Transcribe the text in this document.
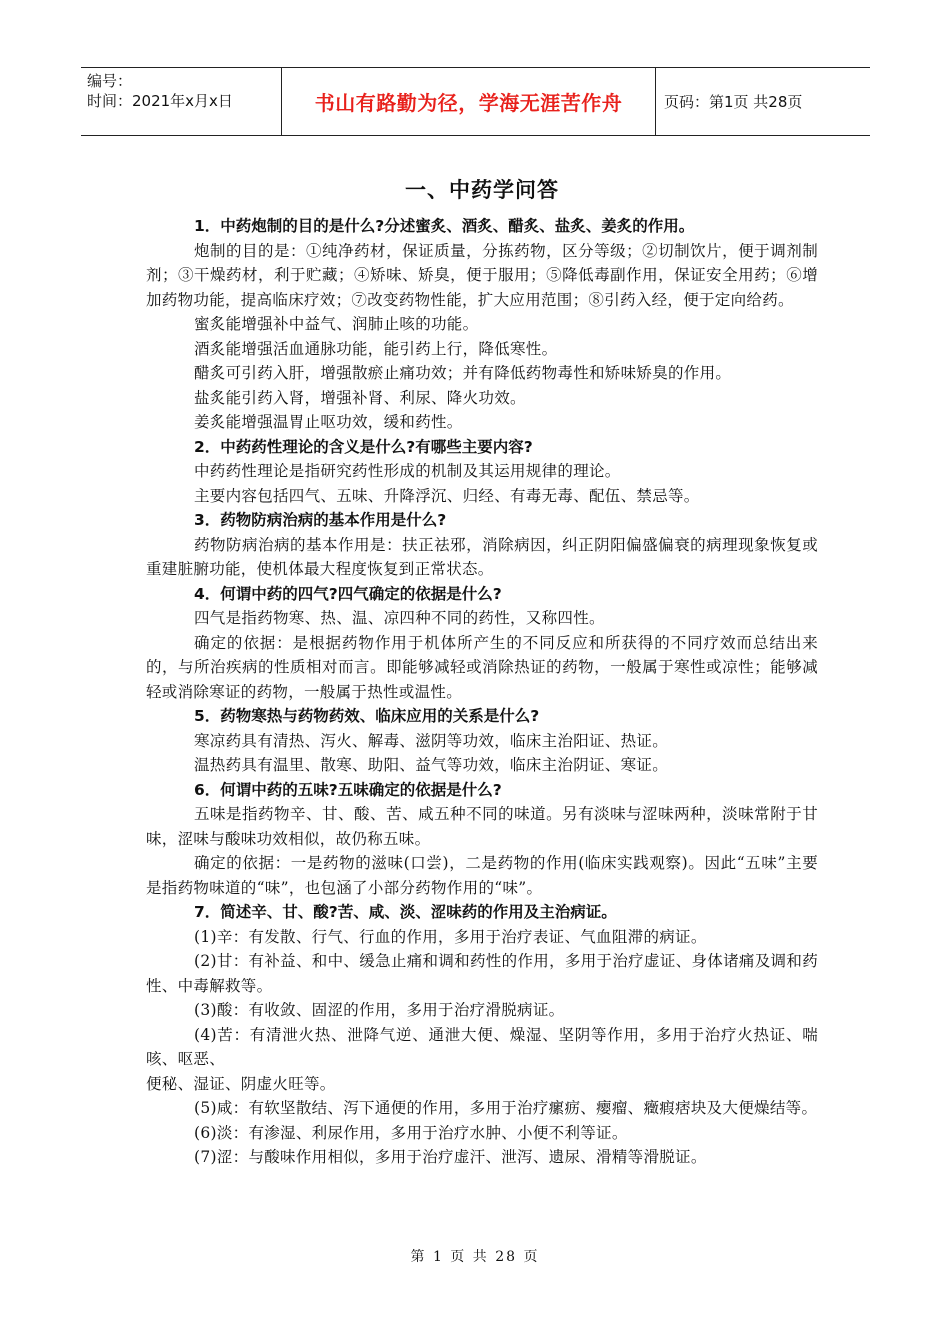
编号：
时间：2021年x月x日	书山有路勤为径，学海无涯苦作舟	页码：第1页 共28页
一、中药学问答

1．中药炮制的目的是什么?分述蜜炙、酒炙、醋炙、盐炙、姜炙的作用。

炮制的目的是：①纯净药材，保证质量，分拣药物，区分等级；②切制饮片，便于调剂制剂；③干燥药材，利于贮藏；④矫味、矫臭，便于服用；⑤降低毒副作用，保证安全用药；⑥增加药物功能，提高临床疗效；⑦改变药物性能，扩大应用范围；⑧引药入经，便于定向给药。

蜜炙能增强补中益气、润肺止咳的功能。

酒炙能增强活血通脉功能，能引药上行，降低寒性。

醋炙可引药入肝，增强散瘀止痛功效；并有降低药物毒性和矫味矫臭的作用。

盐炙能引药入肾，增强补肾、利尿、降火功效。

姜炙能增强温胃止呕功效，缓和药性。

2．中药药性理论的含义是什么?有哪些主要内容?

中药药性理论是指研究药性形成的机制及其运用规律的理论。

主要内容包括四气、五味、升降浮沉、归经、有毒无毒、配伍、禁忌等。

3．药物防病治病的基本作用是什么?

药物防病治病的基本作用是：扶正祛邪，消除病因，纠正阴阳偏盛偏衰的病理现象恢复或重建脏腑功能，使机体最大程度恢复到正常状态。

4．何谓中药的四气?四气确定的依据是什么?

四气是指药物寒、热、温、凉四种不同的药性，又称四性。

确定的依据：是根据药物作用于机体所产生的不同反应和所获得的不同疗效而总结出来的，与所治疾病的性质相对而言。即能够减轻或消除热证的药物，一般属于寒性或凉性；能够减轻或消除寒证的药物，一般属于热性或温性。

5．药物寒热与药物药效、临床应用的关系是什么?

寒凉药具有清热、泻火、解毒、滋阴等功效，临床主治阳证、热证。

温热药具有温里、散寒、助阳、益气等功效，临床主治阴证、寒证。

6．何谓中药的五味?五味确定的依据是什么?

五味是指药物辛、甘、酸、苦、咸五种不同的味道。另有淡味与涩味两种，淡味常附于甘味，涩味与酸味功效相似，故仍称五味。

确定的依据：一是药物的滋味(口尝)，二是药物的作用(临床实践观察)。因此“五味”主要是指药物味道的“味”，也包涵了小部分药物作用的“味”。

7．简述辛、甘、酸?苦、咸、淡、涩味药的作用及主治病证。

(1)辛：有发散、行气、行血的作用，多用于治疗表证、气血阻滞的病证。

(2)甘：有补益、和中、缓急止痛和调和药性的作用，多用于治疗虚证、身体诸痛及调和药性、中毒解救等。

(3)酸：有收敛、固涩的作用，多用于治疗滑脱病证。

(4)苦：有清泄火热、泄降气逆、通泄大便、燥湿、坚阴等作用，多用于治疗火热证、喘咳、呕恶、

便秘、湿证、阴虚火旺等。

(5)咸：有软坚散结、泻下通便的作用，多用于治疗瘰疬、瘿瘤、癥瘕痞块及大便燥结等。

(6)淡：有渗湿、利尿作用，多用于治疗水肿、小便不利等证。

(7)涩：与酸味作用相似，多用于治疗虚汗、泄泻、遗尿、滑精等滑脱证。

第 1 页 共 28 页
